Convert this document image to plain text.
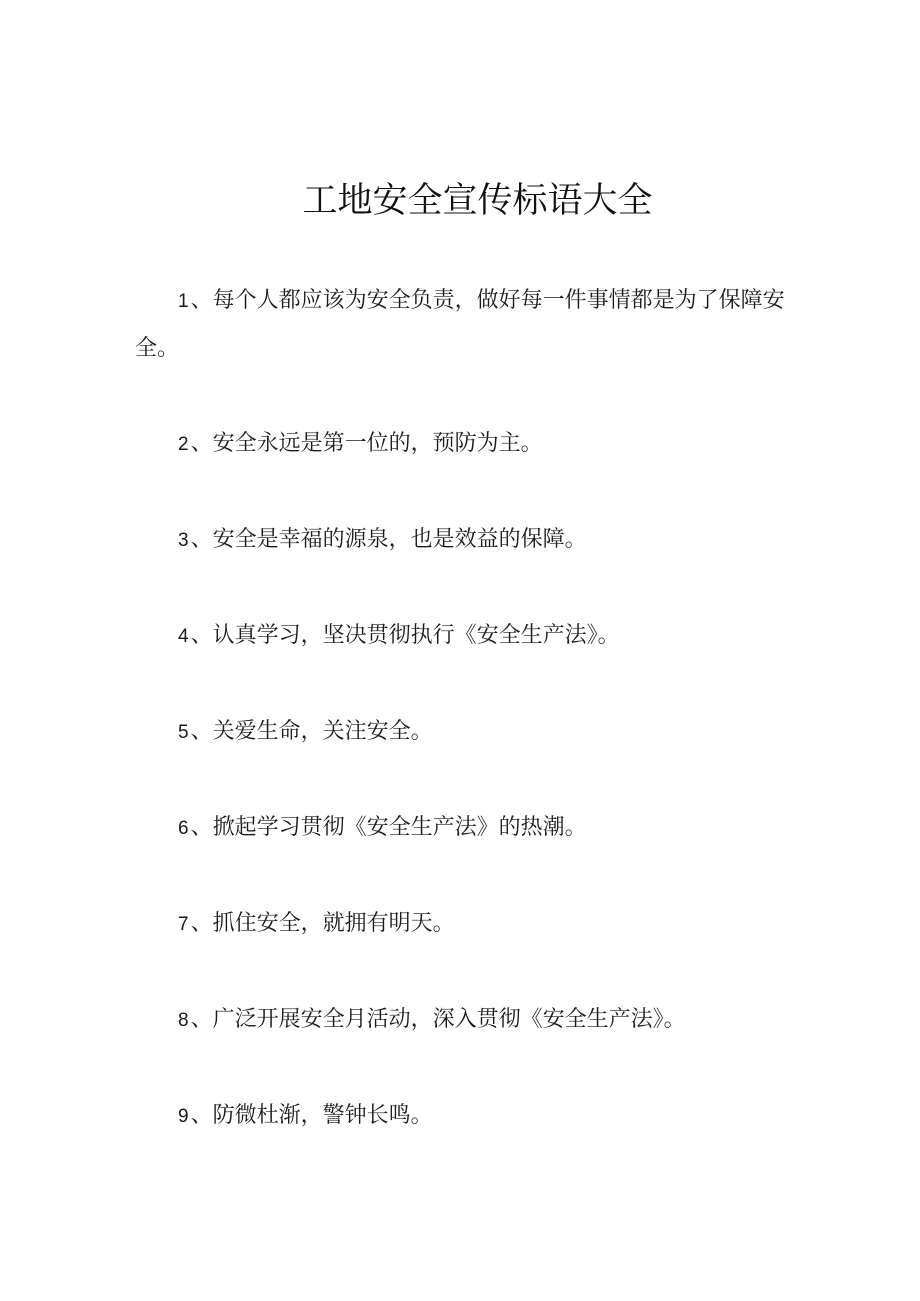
工地安全宣传标语大全
1、每个人都应该为安全负责，做好每一件事情都是为了保障安
全。
2、安全永远是第一位的，预防为主。
3、安全是幸福的源泉，也是效益的保障。
4、认真学习，坚决贯彻执行《安全生产法》。
5、关爱生命，关注安全。
6、掀起学习贯彻《安全生产法》的热潮。
7、抓住安全，就拥有明天。
8、广泛开展安全月活动，深入贯彻《安全生产法》。
9、防微杜渐，警钟长鸣。
